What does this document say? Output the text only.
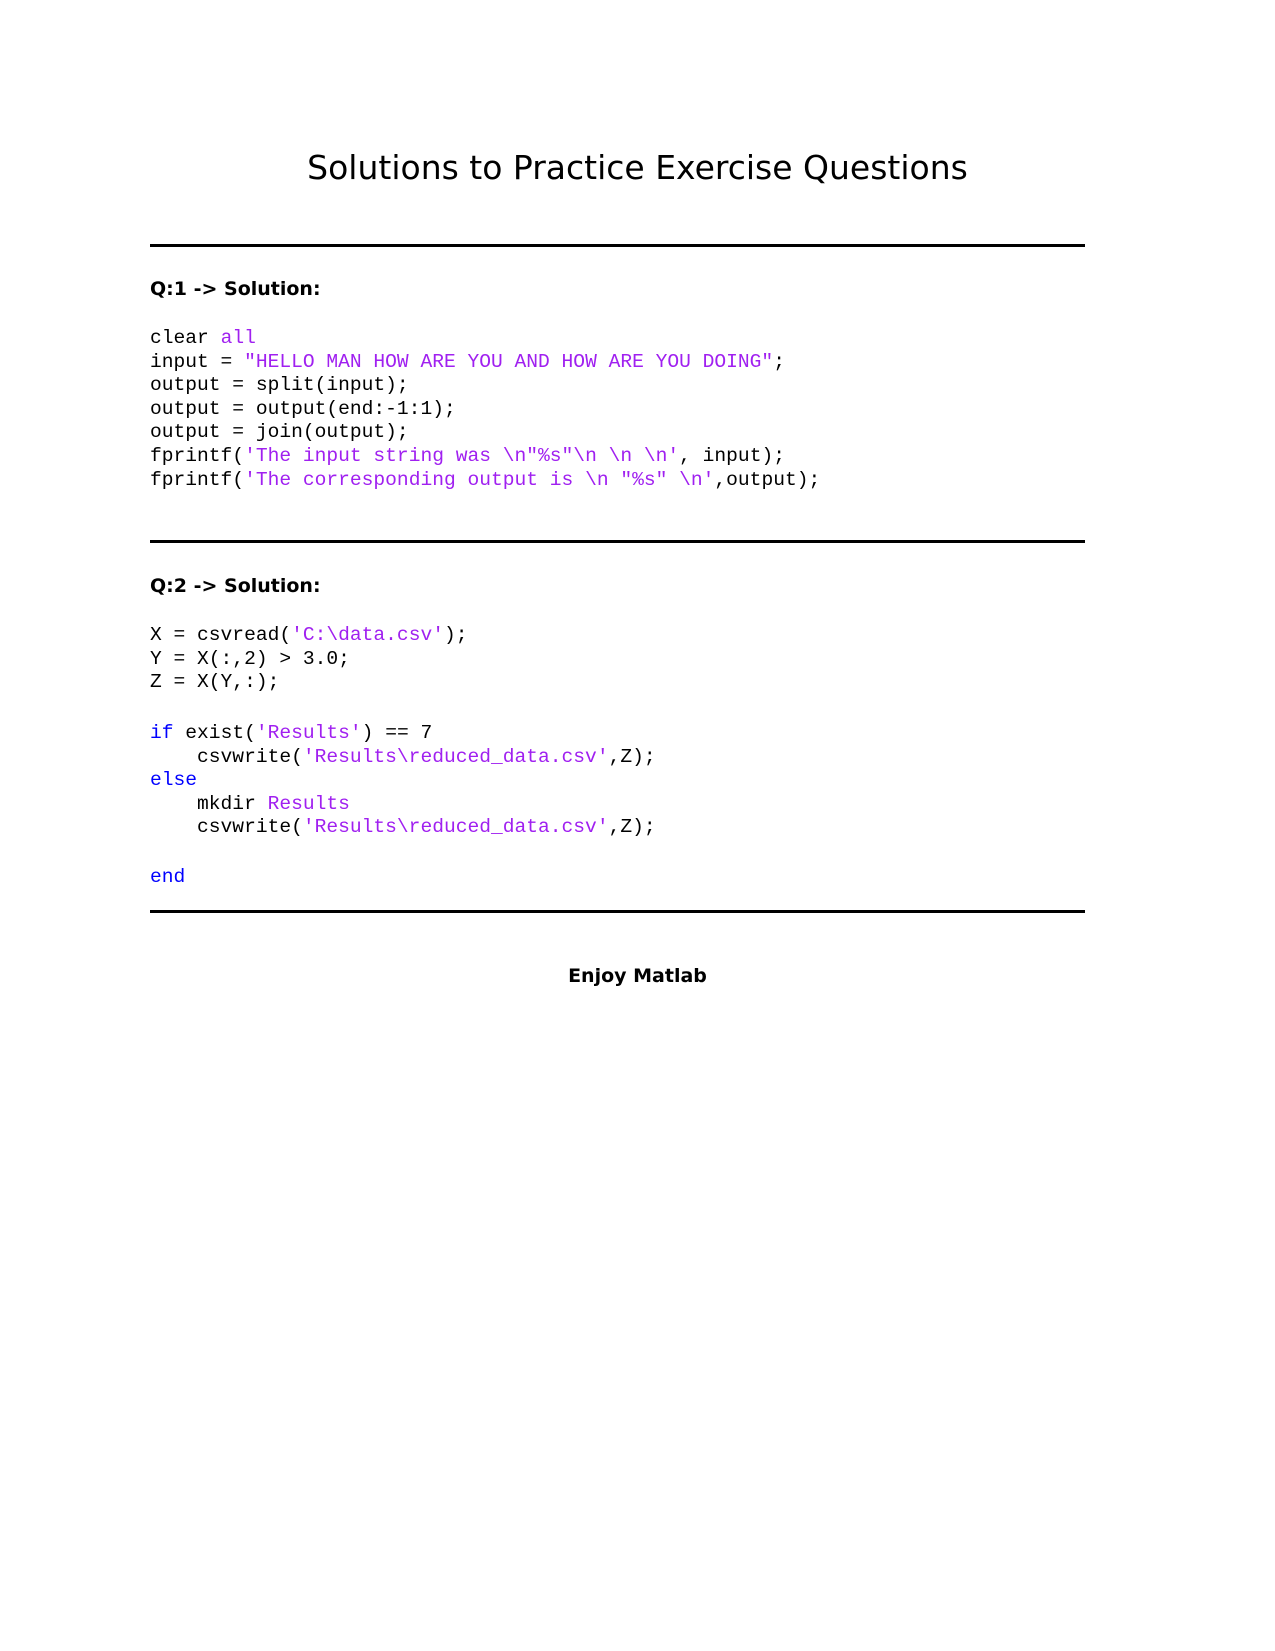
Solutions to Practice Exercise Questions
Q:1 -> Solution:
clear all
input = "HELLO MAN HOW ARE YOU AND HOW ARE YOU DOING";
output = split(input);
output = output(end:-1:1);
output = join(output);
fprintf('The input string was \n"%s"\n \n \n', input);
fprintf('The corresponding output is \n "%s" \n',output);
Q:2 -> Solution:
X = csvread('C:\data.csv');
Y = X(:,2) > 3.0;
Z = X(Y,:);
if exist('Results') == 7
csvwrite('Results\reduced_data.csv',Z);
else
mkdir Results
csvwrite('Results\reduced_data.csv',Z);
end
Enjoy Matlab
